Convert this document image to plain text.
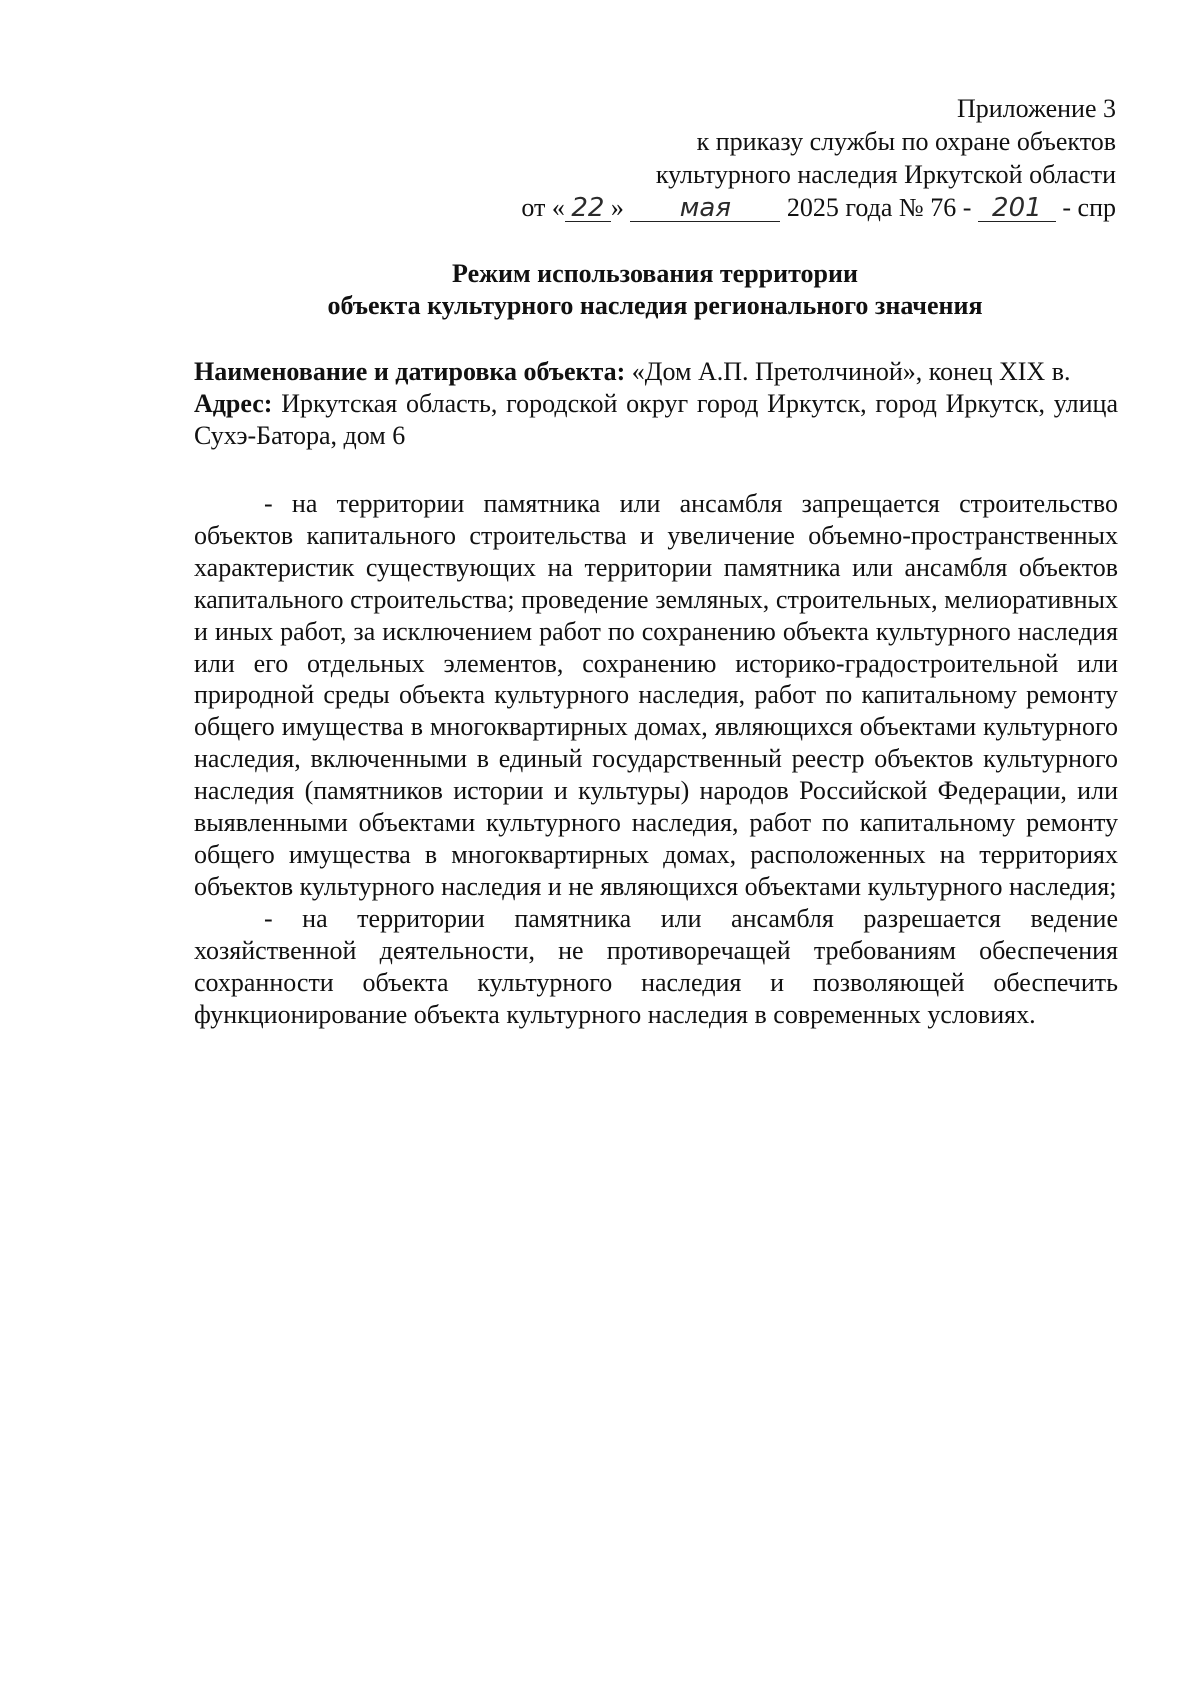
Приложение 3
к приказу службы по охране объектов
культурного наследия Иркутской области
от « 22 » мая 2025 года № 76 - 201 - спр
Режим использования территории
объекта культурного наследия регионального значения
Наименование и датировка объекта: «Дом А.П. Претолчиной», конец XIX в.
Адрес: Иркутская область, городской округ город Иркутск, город Иркутск, улица Сухэ-Батора, дом 6

- на территории памятника или ансамбля запрещается строительство объектов капитального строительства и увеличение объемно-пространственных характеристик существующих на территории памятника или ансамбля объектов капитального строительства; проведение земляных, строительных, мелиоративных и иных работ, за исключением работ по сохранению объекта культурного наследия или его отдельных элементов, сохранению историко-градостроительной или природной среды объекта культурного наследия, работ по капитальному ремонту общего имущества в многоквартирных домах, являющихся объектами культурного наследия, включенными в единый государственный реестр объектов культурного наследия (памятников истории и культуры) народов Российской Федерации, или выявленными объектами культурного наследия, работ по капитальному ремонту общего имущества в многоквартирных домах, расположенных на территориях объектов культурного наследия и не являющихся объектами культурного наследия;

- на территории памятника или ансамбля разрешается ведение хозяйственной деятельности, не противоречащей требованиям обеспечения сохранности объекта культурного наследия и позволяющей обеспечить функционирование объекта культурного наследия в современных условиях.
